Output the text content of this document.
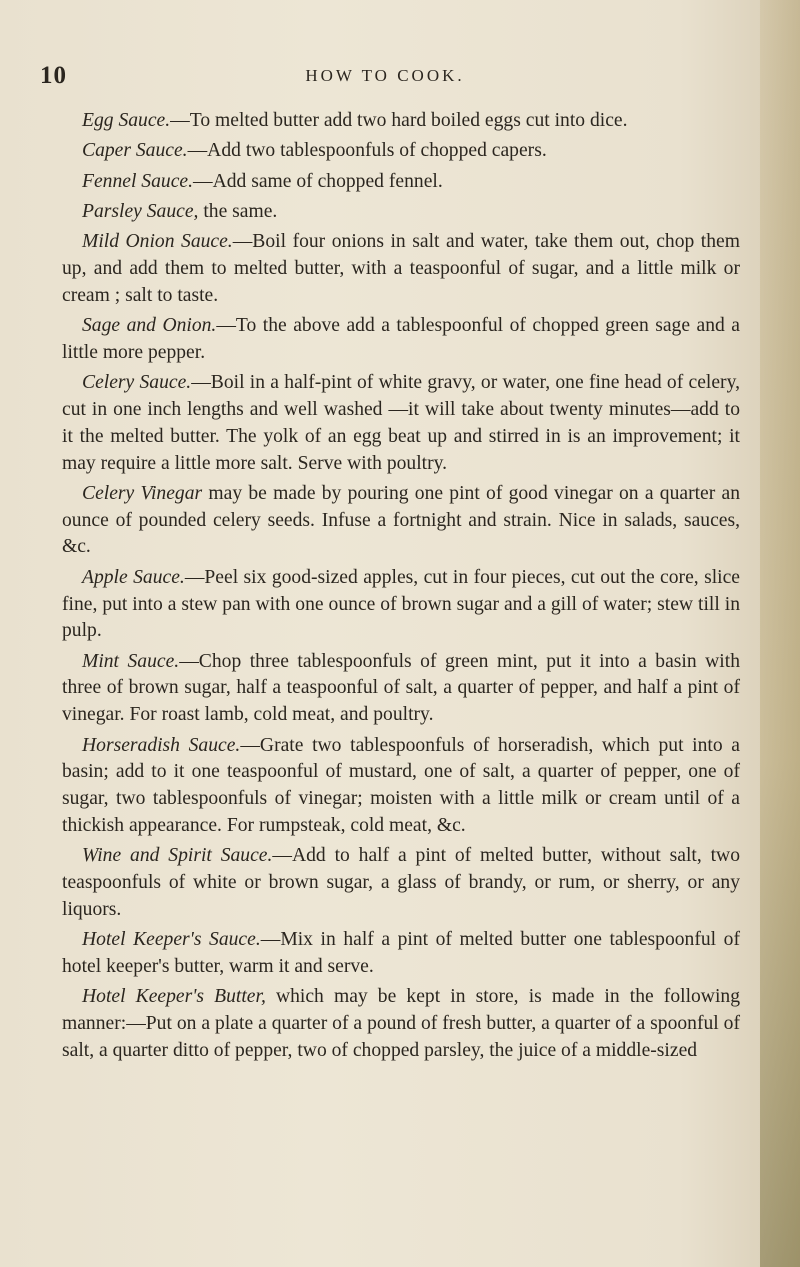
10	HOW TO COOK.

Egg Sauce.—To melted butter add two hard boiled eggs cut into dice.

Caper Sauce.—Add two tablespoonfuls of chopped capers.

Fennel Sauce.—Add same of chopped fennel.

Parsley Sauce, the same.

Mild Onion Sauce.—Boil four onions in salt and water, take them out, chop them up, and add them to melted butter, with a teaspoonful of sugar, and a little milk or cream ; salt to taste.

Sage and Onion.—To the above add a tablespoonful of chopped green sage and a little more pepper.

Celery Sauce.—Boil in a half-pint of white gravy, or water, one fine head of celery, cut in one inch lengths and well washed —it will take about twenty minutes—add to it the melted butter. The yolk of an egg beat up and stirred in is an improvement; it may require a little more salt. Serve with poultry.

Celery Vinegar may be made by pouring one pint of good vinegar on a quarter an ounce of pounded celery seeds. Infuse a fortnight and strain. Nice in salads, sauces, &c.

Apple Sauce.—Peel six good-sized apples, cut in four pieces, cut out the core, slice fine, put into a stew pan with one ounce of brown sugar and a gill of water; stew till in pulp.

Mint Sauce.—Chop three tablespoonfuls of green mint, put it into a basin with three of brown sugar, half a teaspoonful of salt, a quarter of pepper, and half a pint of vinegar. For roast lamb, cold meat, and poultry.

Horseradish Sauce.—Grate two tablespoonfuls of horseradish, which put into a basin; add to it one teaspoonful of mustard, one of salt, a quarter of pepper, one of sugar, two tablespoonfuls of vinegar; moisten with a little milk or cream until of a thickish appearance. For rumpsteak, cold meat, &c.

Wine and Spirit Sauce.—Add to half a pint of melted butter, without salt, two teaspoonfuls of white or brown sugar, a glass of brandy, or rum, or sherry, or any liquors.

Hotel Keeper's Sauce.—Mix in half a pint of melted butter one tablespoonful of hotel keeper's butter, warm it and serve.

Hotel Keeper's Butter, which may be kept in store, is made in the following manner:—Put on a plate a quarter of a pound of fresh butter, a quarter of a spoonful of salt, a quarter ditto of pepper, two of chopped parsley, the juice of a middle-sized
